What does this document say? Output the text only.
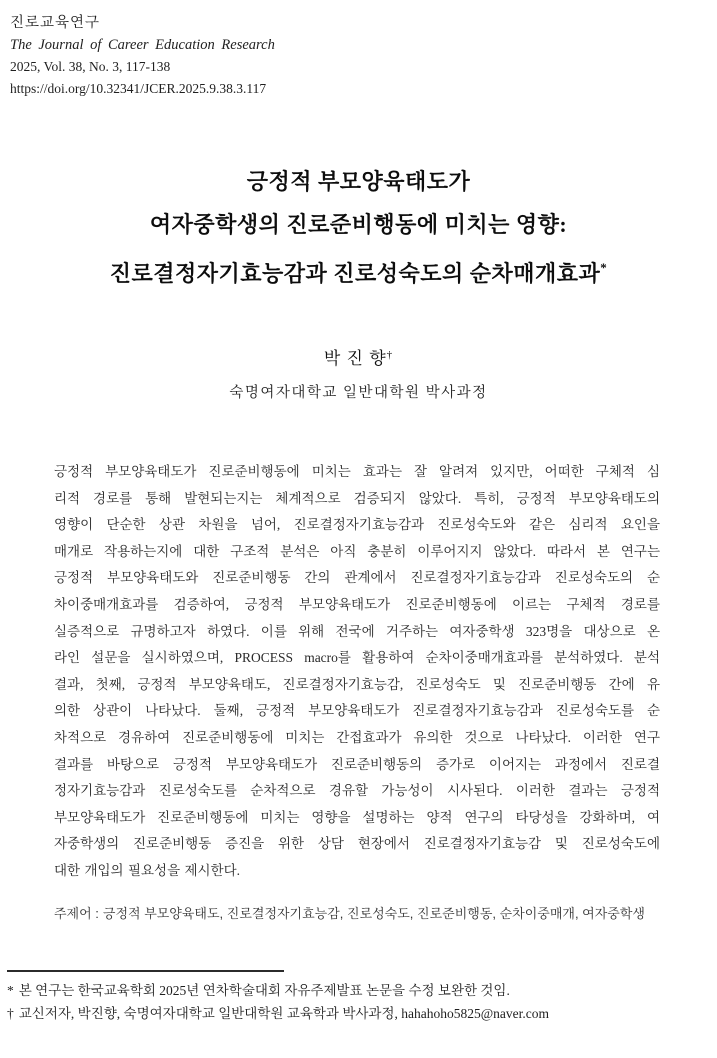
진로교육연구
The Journal of Career Education Research
2025, Vol. 38, No. 3, 117-138
https://doi.org/10.32341/JCER.2025.9.38.3.117
긍정적 부모양육태도가
여자중학생의 진로준비행동에 미치는 영향:
진로결정자기효능감과 진로성숙도의 순차매개효과*
박 진 향†
숙명여자대학교 일반대학원 박사과정
긍정적 부모양육태도가 진로준비행동에 미치는 효과는 잘 알려져 있지만, 어떠한 구체적 심
리적 경로를 통해 발현되는지는 체계적으로 검증되지 않았다. 특히, 긍정적 부모양육태도의
영향이 단순한 상관 차원을 넘어, 진로결정자기효능감과 진로성숙도와 같은 심리적 요인을
매개로 작용하는지에 대한 구조적 분석은 아직 충분히 이루어지지 않았다. 따라서 본 연구는
긍정적 부모양육태도와 진로준비행동 간의 관계에서 진로결정자기효능감과 진로성숙도의 순
차이중매개효과를 검증하여, 긍정적 부모양육태도가 진로준비행동에 이르는 구체적 경로를
실증적으로 규명하고자 하였다. 이를 위해 전국에 거주하는 여자중학생 323명을 대상으로 온
라인 설문을 실시하였으며, PROCESS macro를 활용하여 순차이중매개효과를 분석하였다. 분석
결과, 첫째, 긍정적 부모양육태도, 진로결정자기효능감, 진로성숙도 및 진로준비행동 간에 유
의한 상관이 나타났다. 둘째, 긍정적 부모양육태도가 진로결정자기효능감과 진로성숙도를 순
차적으로 경유하여 진로준비행동에 미치는 간접효과가 유의한 것으로 나타났다. 이러한 연구
결과를 바탕으로 긍정적 부모양육태도가 진로준비행동의 증가로 이어지는 과정에서 진로결
정자기효능감과 진로성숙도를 순차적으로 경유할 가능성이 시사된다. 이러한 결과는 긍정적
부모양육태도가 진로준비행동에 미치는 영향을 설명하는 양적 연구의 타당성을 강화하며, 여
자중학생의 진로준비행동 증진을 위한 상담 현장에서 진로결정자기효능감 및 진로성숙도에
대한 개입의 필요성을 제시한다.
주제어 : 긍정적 부모양육태도, 진로결정자기효능감, 진로성숙도, 진로준비행동, 순차이중매개, 여자중학생
* 본 연구는 한국교육학회 2025년 연차학술대회 자유주제발표 논문을 수정 보완한 것임.
† 교신저자, 박진향, 숙명여자대학교 일반대학원 교육학과 박사과정, hahahoho5825@naver.com
